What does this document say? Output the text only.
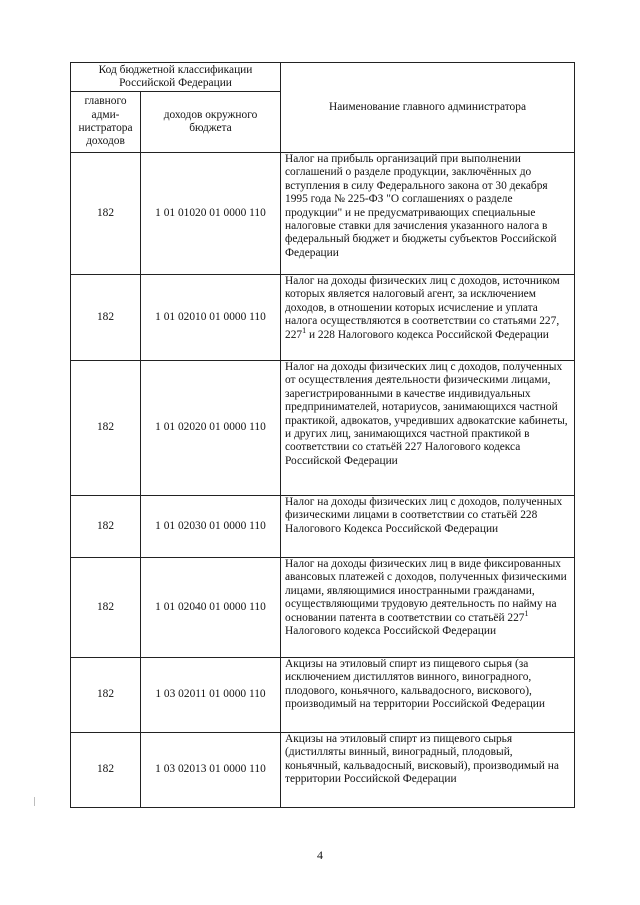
Код бюджетной классификации Российской Федерации		Наименование главного администратора
главного адми-нистратора доходов	доходов окружного бюджета	
182	1 01 01020 01 0000 110	Налог на прибыль организаций при выполнении соглашений о разделе продукции, заключённых до вступления в силу Федерального закона от 30 декабря 1995 года № 225-ФЗ "О соглашениях о разделе продукции" и не предусматривающих специальные налоговые ставки для зачисления указанного налога в федеральный бюджет и бюджеты субъектов Российской Федерации
182	1 01 02010 01 0000 110	Налог на доходы физических лиц с доходов, источником которых является налоговый агент, за исключением доходов, в отношении которых исчисление и уплата налога осуществляются в соответствии со статьями 227, $227^1$ и 228 Налогового кодекса Российской Федерации
182	1 01 02020 01 0000 110	Налог на доходы физических лиц с доходов, полученных от осуществления деятельности физическими лицами, зарегистрированными в качестве индивидуальных предпринимателей, нотариусов, занимающихся частной практикой, адвокатов, учредивших адвокатские кабинеты, и других лиц, занимающихся частной практикой в соответствии со статьёй 227 Налогового кодекса Российской Федерации
182	1 01 02030 01 0000 110	Налог на доходы физических лиц с доходов, полученных физическими лицами в соответствии со статьёй 228 Налогового Кодекса Российской Федерации
182	1 01 02040 01 0000 110	Налог на доходы физических лиц в виде фиксированных авансовых платежей с доходов, полученных физическими лицами, являющимися иностранными гражданами, осуществляющими трудовую деятельность по найму на основании патента в соответствии со статьёй $227^1$ Налогового кодекса Российской Федерации
182	1 03 02011 01 0000 110	Акцизы на этиловый спирт из пищевого сырья (за исключением дистиллятов винного, виноградного, плодового, коньячного, кальвадосного, вискового), производимый на территории Российской Федерации
182	1 03 02013 01 0000 110	Акцизы на этиловый спирт из пищевого сырья (дистилляты винный, виноградный, плодовый, коньячный, кальвадосный, висковый), производимый на территории Российской Федерации
4
